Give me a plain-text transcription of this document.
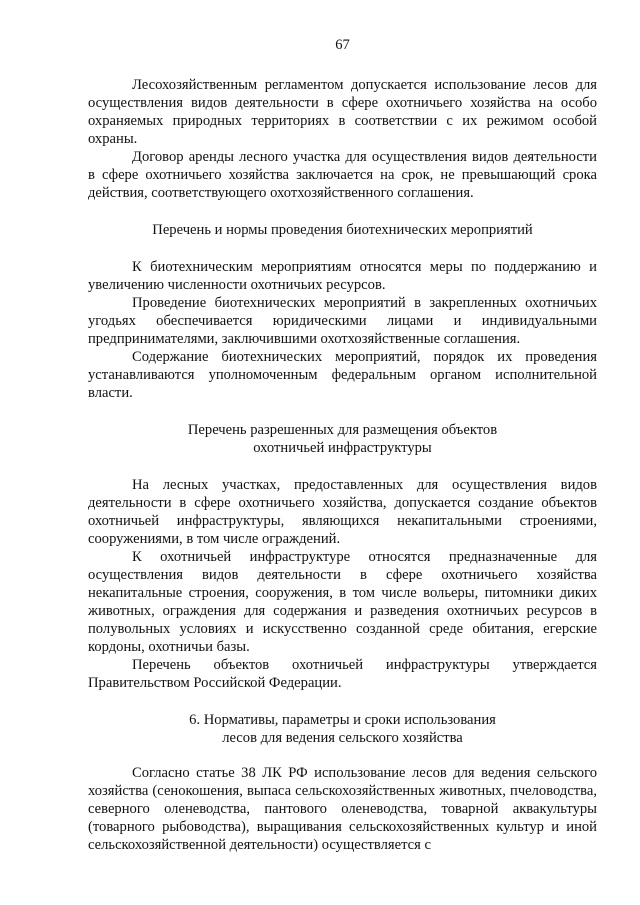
67

Лесохозяйственным регламентом допускается использование лесов для осуществления видов деятельности в сфере охотничьего хозяйства на особо охраняемых природных территориях в соответствии с их режимом особой охраны.

Договор аренды лесного участка для осуществления видов деятельности в сфере охотничьего хозяйства заключается на срок, не превышающий срока действия, соответствующего охотхозяйственного соглашения.

Перечень и нормы проведения биотехнических мероприятий

К биотехническим мероприятиям относятся меры по поддержанию и увеличению численности охотничьих ресурсов.

Проведение биотехнических мероприятий в закрепленных охотничьих угодьях обеспечивается юридическими лицами и индивидуальными предпринимателями, заключившими охотхозяйственные соглашения.

Содержание биотехнических мероприятий, порядок их проведения устанавливаются уполномоченным федеральным органом исполнительной власти.

Перечень разрешенных для размещения объектов

охотничьей инфраструктуры

На лесных участках, предоставленных для осуществления видов деятельности в сфере охотничьего хозяйства, допускается создание объектов охотничьей инфраструктуры, являющихся некапитальными строениями, сооружениями, в том числе ограждений.

К охотничьей инфраструктуре относятся предназначенные для осуществления видов деятельности в сфере охотничьего хозяйства некапитальные строения, сооружения, в том числе вольеры, питомники диких животных, ограждения для содержания и разведения охотничьих ресурсов в полувольных условиях и искусственно созданной среде обитания, егерские кордоны, охотничьи базы.

Перечень объектов охотничьей инфраструктуры утверждается Правительством Российской Федерации.

6. Нормативы, параметры и сроки использования

лесов для ведения сельского хозяйства

Согласно статье 38 ЛК РФ использование лесов для ведения сельского хозяйства (сенокошения, выпаса сельскохозяйственных животных, пчеловодства, северного оленеводства, пантового оленеводства, товарной аквакультуры (товарного рыбоводства), выращивания сельскохозяйственных культур и иной сельскохозяйственной деятельности) осуществляется с
